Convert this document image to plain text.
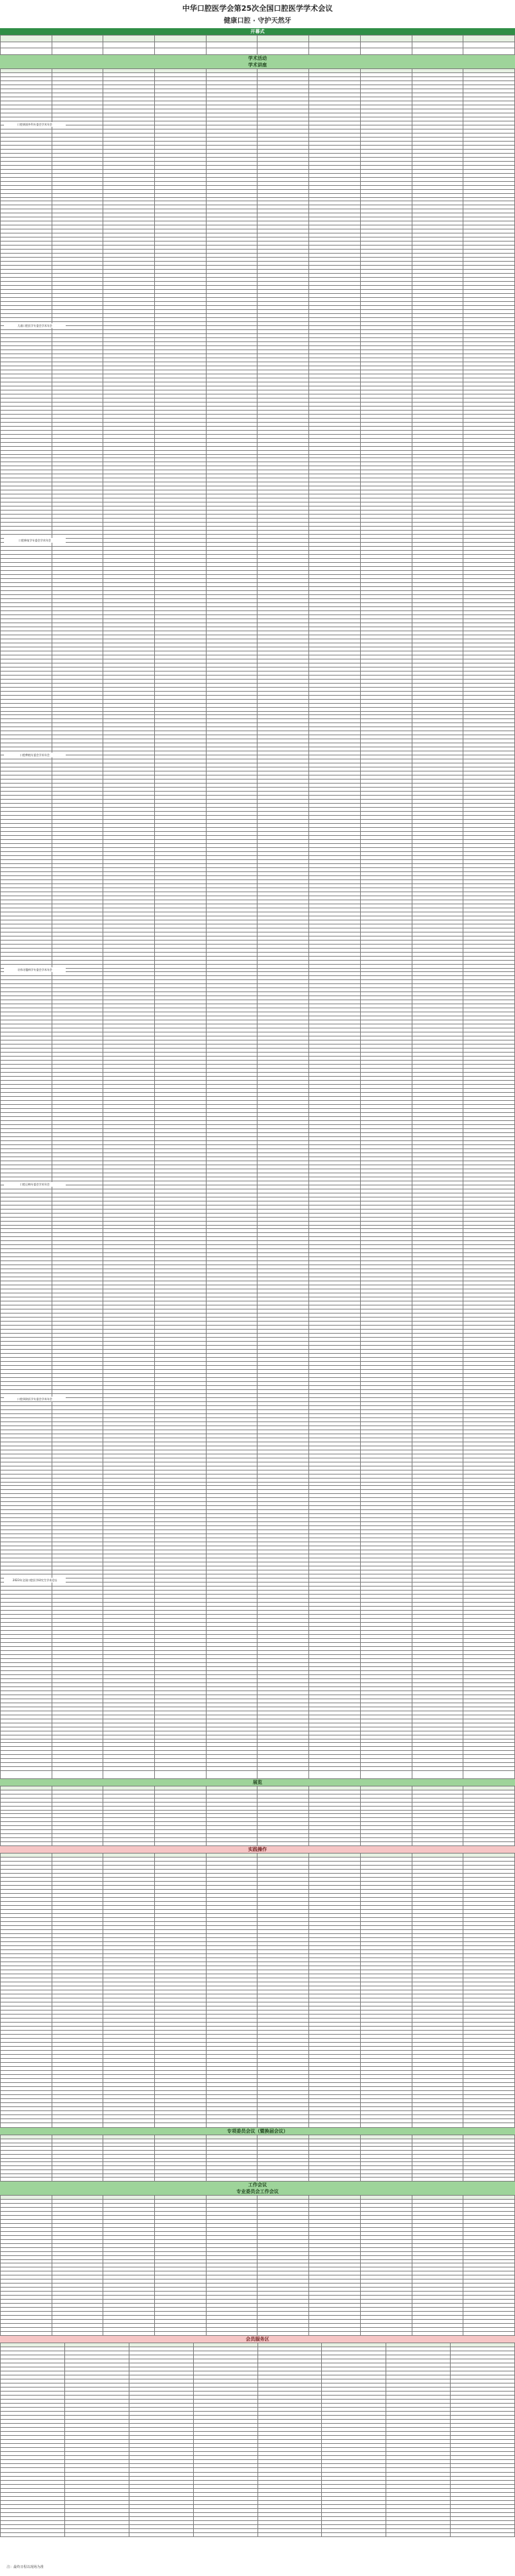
中华口腔医学会第25次全国口腔医学学术会议
健康口腔 · 守护天然牙
开幕式

学术活动
学术讲座

口腔颌面外科专委会学术年会
儿童口腔医学专委会学术年会
口腔修复学专委会学术年会
口腔种植专委会学术年会
牙体牙髓病学专委会学术年会
口腔正畸专委会学术年会
口腔预防医学专委会学术年会
2023年全国口腔医学研究生学术论坛
展览

实践操作

专项委员会议（暨换届会议）

工作会议
专业委员会工作会议

会员服务区

注：最终日程以现场为准
